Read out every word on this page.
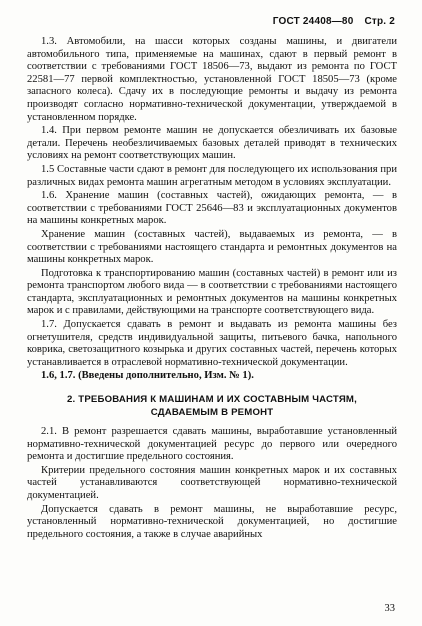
ГОСТ 24408—80 Стр. 2

1.3. Автомобили, на шасси которых созданы машины, и двигатели автомобильного типа, применяемые на машинах, сдают в первый ремонт в соответствии с требованиями ГОСТ 18506—73, выдают из ремонта по ГОСТ 22581—77 первой комплектностью, установленной ГОСТ 18505—73 (кроме запасного колеса). Сдачу их в последующие ремонты и выдачу из ремонта производят согласно нормативно-технической документации, утверждаемой в установленном порядке.

1.4. При первом ремонте машин не допускается обезличивать их базовые детали. Перечень необезличиваемых базовых деталей приводят в технических условиях на ремонт соответствующих машин.

1.5 Составные части сдают в ремонт для последующего их использования при различных видах ремонта машин агрегатным методом в условиях эксплуатации.

1.6. Хранение машин (составных частей), ожидающих ремонта, — в соответствии с требованиями ГОСТ 25646—83 и эксплуатационных документов на машины конкретных марок.

Хранение машин (составных частей), выдаваемых из ремонта, — в соответствии с требованиями настоящего стандарта и ремонтных документов на машины конкретных марок.

Подготовка к транспортированию машин (составных частей) в ремонт или из ремонта транспортом любого вида — в соответствии с требованиями настоящего стандарта, эксплуатационных и ремонтных документов на машины конкретных марок и с правилами, действующими на транспорте соответствующего вида.

1.7. Допускается сдавать в ремонт и выдавать из ремонта машины без огнетушителя, средств индивидуальной защиты, питьевого бачка, напольного коврика, светозащитного козырька и других составных частей, перечень которых устанавливается в отраслевой нормативно-технической документации.

1.6, 1.7. (Введены дополнительно, Изм. № 1).

2. ТРЕБОВАНИЯ К МАШИНАМ И ИХ СОСТАВНЫМ ЧАСТЯМ,
СДАВАЕМЫМ В РЕМОНТ

2.1. В ремонт разрешается сдавать машины, выработавшие установленный нормативно-технической документацией ресурс до первого или очередного ремонта и достигшие предельного состояния.

Критерии предельного состояния машин конкретных марок и их составных частей устанавливаются соответствующей нормативно-технической документацией.

Допускается сдавать в ремонт машины, не выработавшие ресурс, установленный нормативно-технической документацией, но достигшие предельного состояния, а также в случае аварийных

33
